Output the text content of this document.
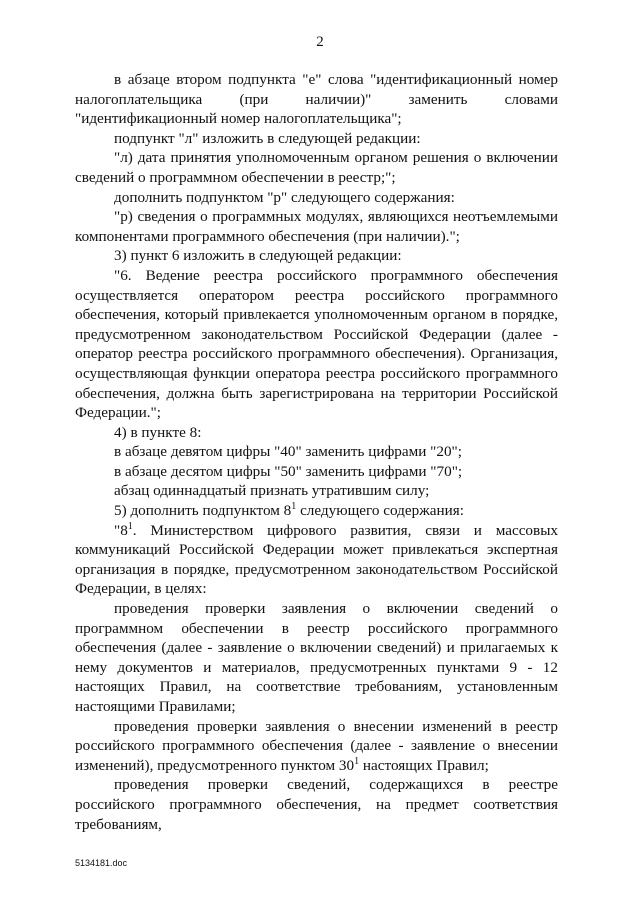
2

в абзаце втором подпункта "е" слова "идентификационный номер налогоплательщика (при наличии)" заменить словами "идентификационный номер налогоплательщика";

подпункт "л" изложить в следующей редакции:

"л) дата принятия уполномоченным органом решения о включении сведений о программном обеспечении в реестр;";

дополнить подпунктом "р" следующего содержания:

"р) сведения о программных модулях, являющихся неотъемлемыми компонентами программного обеспечения (при наличии).";

3) пункт 6 изложить в следующей редакции:

"6. Ведение реестра российского программного обеспечения осуществляется оператором реестра российского программного обеспечения, который привлекается уполномоченным органом в порядке, предусмотренном законодательством Российской Федерации (далее - оператор реестра российского программного обеспечения). Организация, осуществляющая функции оператора реестра российского программного обеспечения, должна быть зарегистрирована на территории Российской Федерации.";

4) в пункте 8:

в абзаце девятом цифры "40" заменить цифрами "20";

в абзаце десятом цифры "50" заменить цифрами "70";

абзац одиннадцатый признать утратившим силу;

5) дополнить подпунктом $8^1$ следующего содержания:

"$8^1$. Министерством цифрового развития, связи и массовых коммуникаций Российской Федерации может привлекаться экспертная организация в порядке, предусмотренном законодательством Российской Федерации, в целях:

проведения проверки заявления о включении сведений о программном обеспечении в реестр российского программного обеспечения (далее - заявление о включении сведений) и прилагаемых к нему документов и материалов, предусмотренных пунктами 9 - 12 настоящих Правил, на соответствие требованиям, установленным настоящими Правилами;

проведения проверки заявления о внесении изменений в реестр российского программного обеспечения (далее - заявление о внесении изменений), предусмотренного пунктом $30^1$ настоящих Правил;

проведения проверки сведений, содержащихся в реестре российского программного обеспечения, на предмет соответствия требованиям,

5134181.doc
